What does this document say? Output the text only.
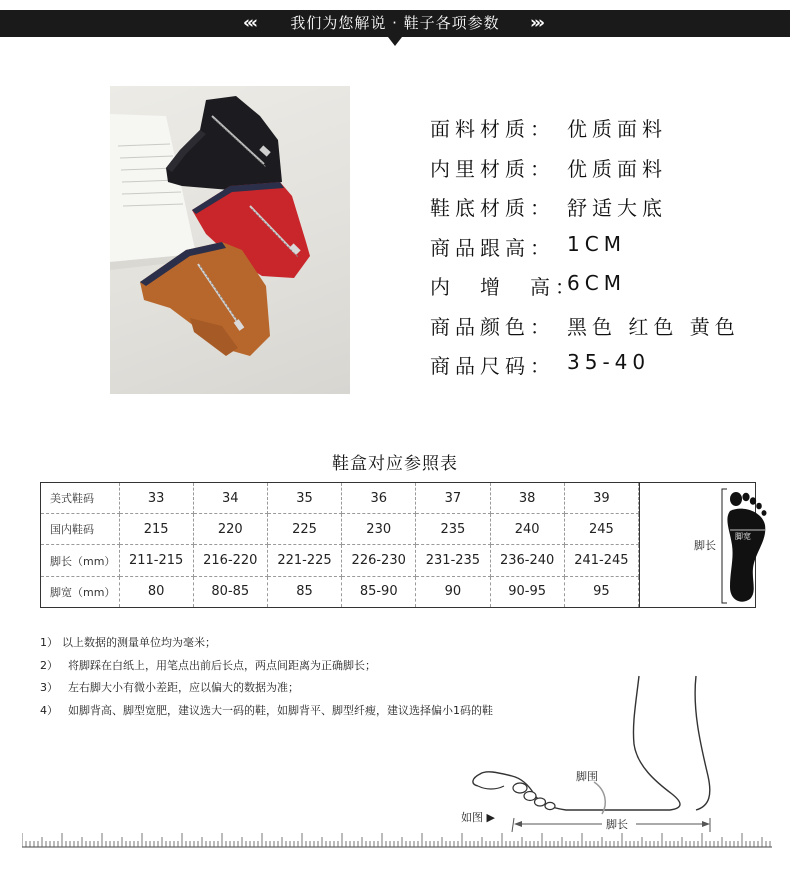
‹‹‹	我们为您解说 · 鞋子各项参数	›››
面料材质： 优质面料
内里材质： 优质面料
鞋底材质： 舒适大底
商品跟高： 1CM
内　增　高：
6CM
商品颜色： 黑色 红色 黄色
商品尺码： 35-40
鞋盒对应参照表
美式鞋码	33	34	35	36	37	38	39
国内鞋码	215	220	225	230	235	240	245
脚长（mm）	211-215	216-220	221-225	226-230	231-235	236-240	241-245
脚宽（mm）	80	80-85	85	85-90	90	90-95	95
脚长
脚宽
1） 以上数据的测量单位均为毫米；
2） 将脚踩在白纸上，用笔点出前后长点，两点间距离为正确脚长；
3） 左右脚大小有微小差距，应以偏大的数据为准；
4） 如脚背高、脚型宽肥，建议选大一码的鞋，如脚背平、脚型纤瘦，建议选择偏小1码的鞋
如图 ▶
脚围
脚长
